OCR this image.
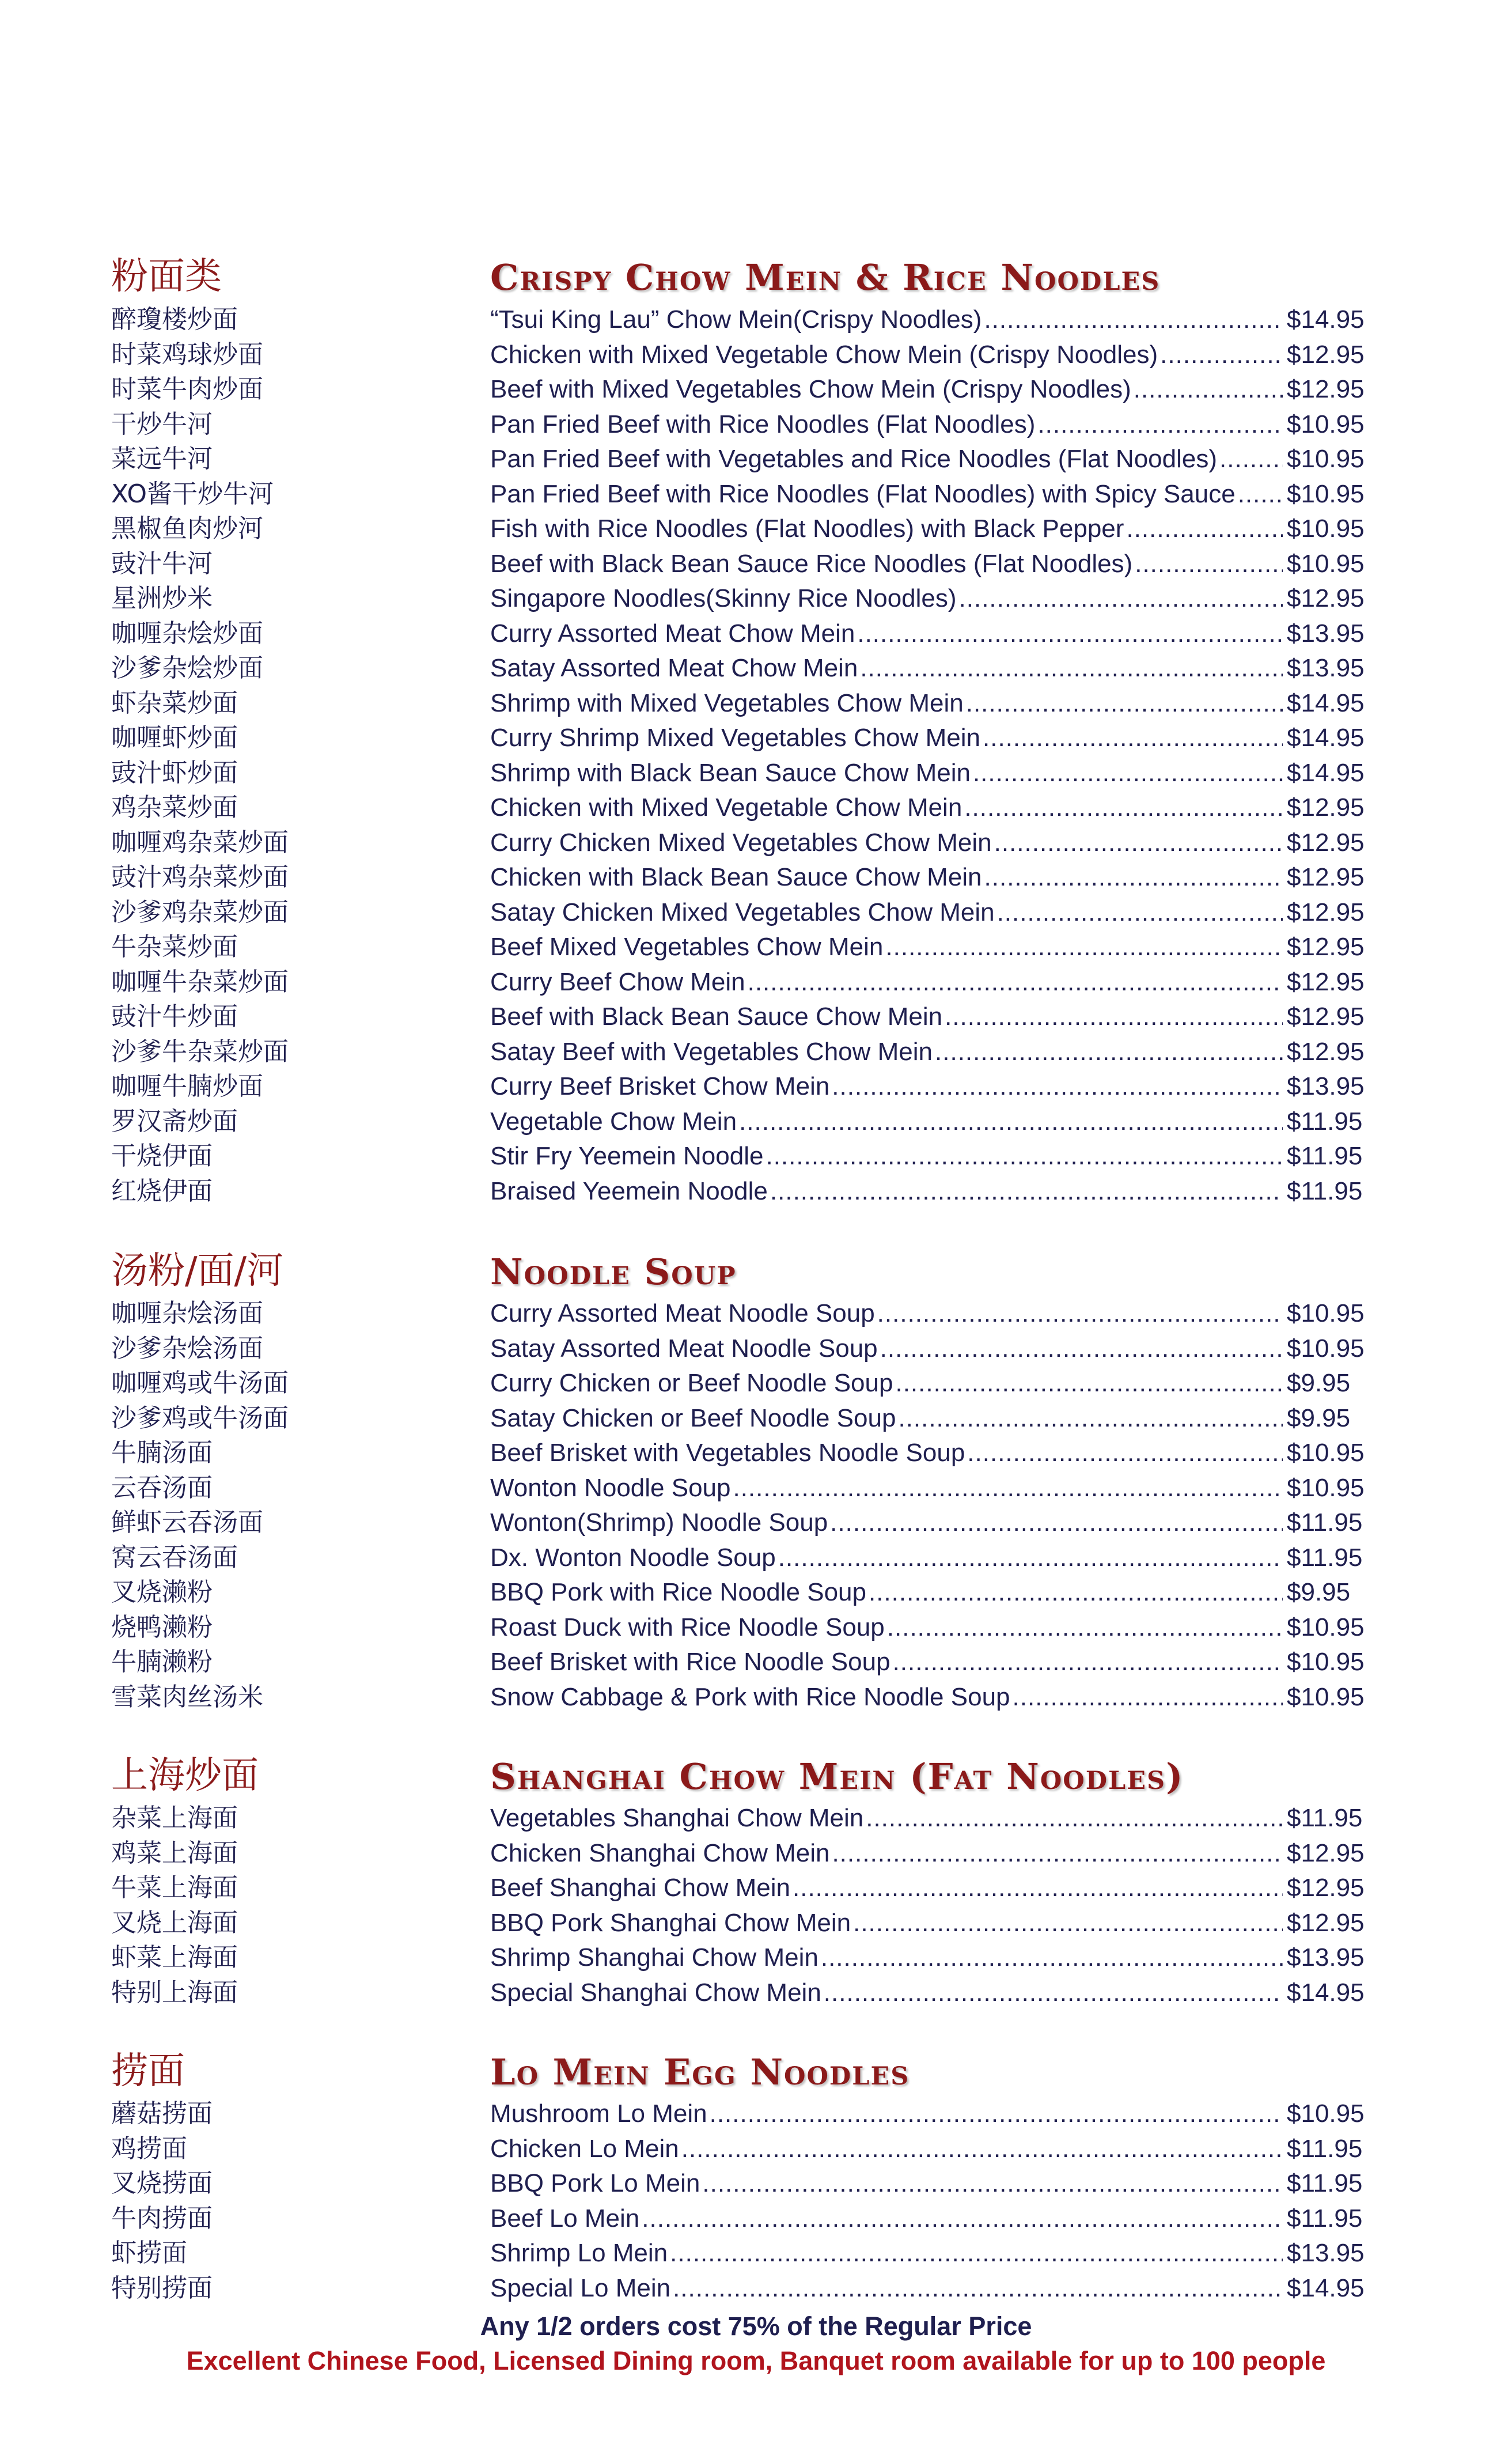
粉面类	Crispy Chow Mein & Rice Noodles
醉瓊楼炒面	“Tsui King Lau” Chow Mein(Crispy Noodles) .....	$14.95
时菜鸡球炒面	Chicken with Mixed Vegetable Chow Mein (Crispy Noodles) .....	$12.95
时菜牛肉炒面	Beef with Mixed Vegetables Chow Mein (Crispy Noodles) .....	$12.95
干炒牛河	Pan Fried Beef with Rice Noodles (Flat Noodles) .....	$10.95
菜远牛河	Pan Fried Beef with Vegetables and Rice Noodles (Flat Noodles) .....	$10.95
XO酱干炒牛河	Pan Fried Beef with Rice Noodles (Flat Noodles) with Spicy Sauce ..... $10.95
黑椒鱼肉炒河	Fish with Rice Noodles (Flat Noodles) with Black Pepper .....	$10.95
豉汁牛河	Beef with Black Bean Sauce Rice Noodles (Flat Noodles) .....	$10.95
星洲炒米	Singapore Noodles(Skinny Rice Noodles) .....	$12.95
咖喱杂烩炒面	Curry Assorted Meat Chow Mein .....	$13.95
沙爹杂烩炒面	Satay Assorted Meat Chow Mein .....	$13.95
虾杂菜炒面	Shrimp with Mixed Vegetables Chow Mein .....	$14.95
咖喱虾炒面	Curry Shrimp Mixed Vegetables Chow Mein .....	$14.95
豉汁虾炒面	Shrimp with Black Bean Sauce Chow Mein .....	$14.95
鸡杂菜炒面	Chicken with Mixed Vegetable Chow Mein .....	$12.95
咖喱鸡杂菜炒面	Curry Chicken Mixed Vegetables Chow Mein .....	$12.95
豉汁鸡杂菜炒面	Chicken with Black Bean Sauce Chow Mein .....	$12.95
沙爹鸡杂菜炒面	Satay Chicken Mixed Vegetables Chow Mein .....	$12.95
牛杂菜炒面	Beef Mixed Vegetables Chow Mein .....	$12.95
咖喱牛杂菜炒面	Curry Beef Chow Mein .....	$12.95
豉汁牛炒面	Beef with Black Bean Sauce Chow Mein .....	$12.95
沙爹牛杂菜炒面	Satay Beef with Vegetables Chow Mein .....	$12.95
咖喱牛腩炒面	Curry Beef Brisket Chow Mein .....	$13.95
罗汉斋炒面	Vegetable Chow Mein .....	$11.95
干烧伊面	Stir Fry Yeemein Noodle .....	$11.95
红烧伊面	Braised Yeemein Noodle .....	$11.95
汤粉/面/河	Noodle Soup
咖喱杂烩汤面	Curry Assorted Meat Noodle Soup .....	$10.95
沙爹杂烩汤面	Satay Assorted Meat Noodle Soup .....	$10.95
咖喱鸡或牛汤面	Curry Chicken or Beef Noodle Soup .....	$9.95
沙爹鸡或牛汤面	Satay Chicken or Beef Noodle Soup .....	$9.95
牛腩汤面	Beef Brisket with Vegetables Noodle Soup .....	$10.95
云吞汤面	Wonton Noodle Soup .....	$10.95
鲜虾云吞汤面	Wonton(Shrimp) Noodle Soup .....	$11.95
窝云吞汤面	Dx. Wonton Noodle Soup .....	$11.95
叉烧濑粉	BBQ Pork with Rice Noodle Soup .....	$9.95
烧鸭濑粉	Roast Duck with Rice Noodle Soup .....	$10.95
牛腩濑粉	Beef Brisket with Rice Noodle Soup .....	$10.95
雪菜肉丝汤米	Snow Cabbage & Pork with Rice Noodle Soup .....	$10.95
上海炒面	Shanghai Chow Mein (Fat Noodles)
杂菜上海面	Vegetables Shanghai Chow Mein .....	$11.95
鸡菜上海面	Chicken Shanghai Chow Mein .....	$12.95
牛菜上海面	Beef Shanghai Chow Mein .....	$12.95
叉烧上海面	BBQ Pork Shanghai Chow Mein .....	$12.95
虾菜上海面	Shrimp Shanghai Chow Mein .....	$13.95
特别上海面	Special Shanghai Chow Mein .....	$14.95
捞面	Lo Mein Egg Noodles
蘑菇捞面	Mushroom Lo Mein .....	$10.95
鸡捞面	Chicken Lo Mein .....	$11.95
叉烧捞面	BBQ Pork Lo Mein .....	$11.95
牛肉捞面	Beef Lo Mein .....	$11.95
虾捞面	Shrimp Lo Mein .....	$13.95
特别捞面	Special Lo Mein .....	$14.95
Any 1/2 orders cost 75% of the Regular Price
Excellent Chinese Food, Licensed Dining room, Banquet room available for up to 100 people
